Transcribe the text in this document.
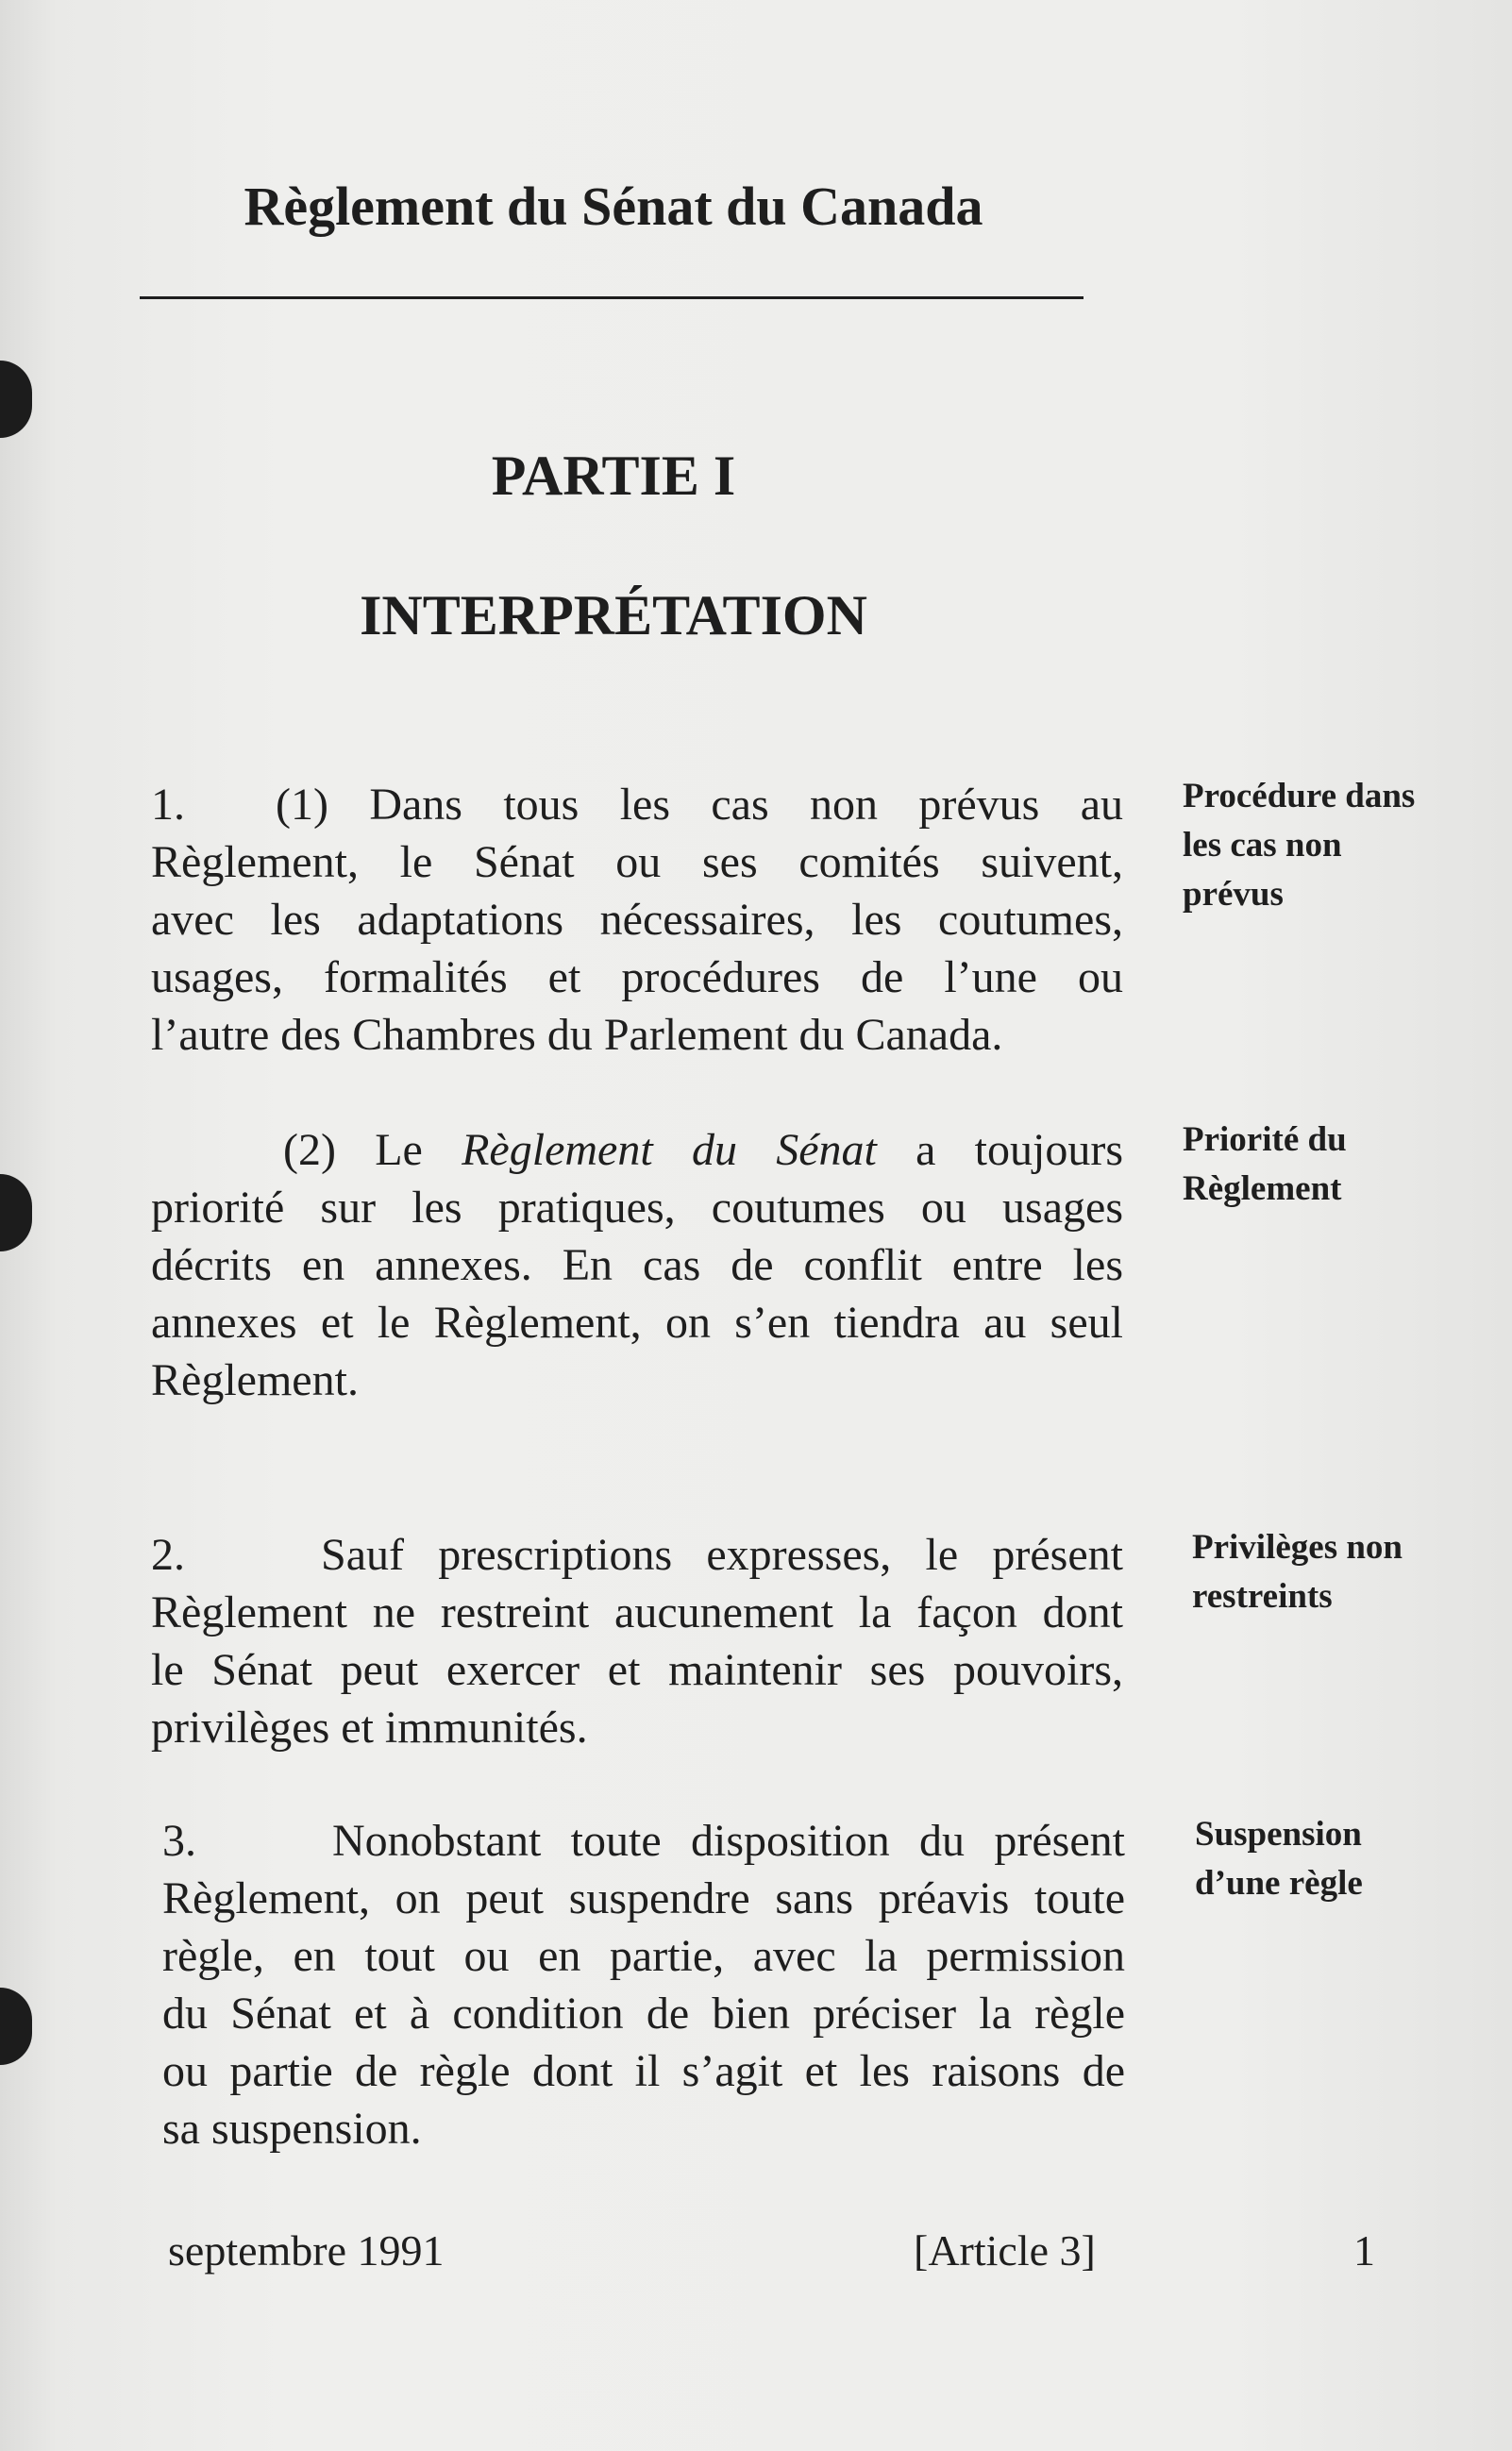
Règlement du Sénat du Canada
PARTIE I
INTERPRÉTATION
1.  (1) Dans tous les cas non prévus au
Règlement, le Sénat ou ses comités suivent,
avec les adaptations nécessaires, les coutumes,
usages, formalités et procédures de l’une ou
l’autre des Chambres du Parlement du Canada.
Procédure dans
les cas non
prévus
(2) Le Règlement du Sénat a toujours
priorité sur les pratiques, coutumes ou usages
décrits en annexes. En cas de conflit entre les
annexes et le Règlement, on s’en tiendra au seul
Règlement.
Priorité du
Règlement
2.   Sauf prescriptions expresses, le présent
Règlement ne restreint aucunement la façon dont
le Sénat peut exercer et maintenir ses pouvoirs,
privilèges et immunités.
Privilèges non
restreints
3.   Nonobstant toute disposition du présent
Règlement, on peut suspendre sans préavis toute
règle, en tout ou en partie, avec la permission
du Sénat et à condition de bien préciser la règle
ou partie de règle dont il s’agit et les raisons de
sa suspension.
Suspension
d’une règle
septembre 1991	[Article 3]	1
